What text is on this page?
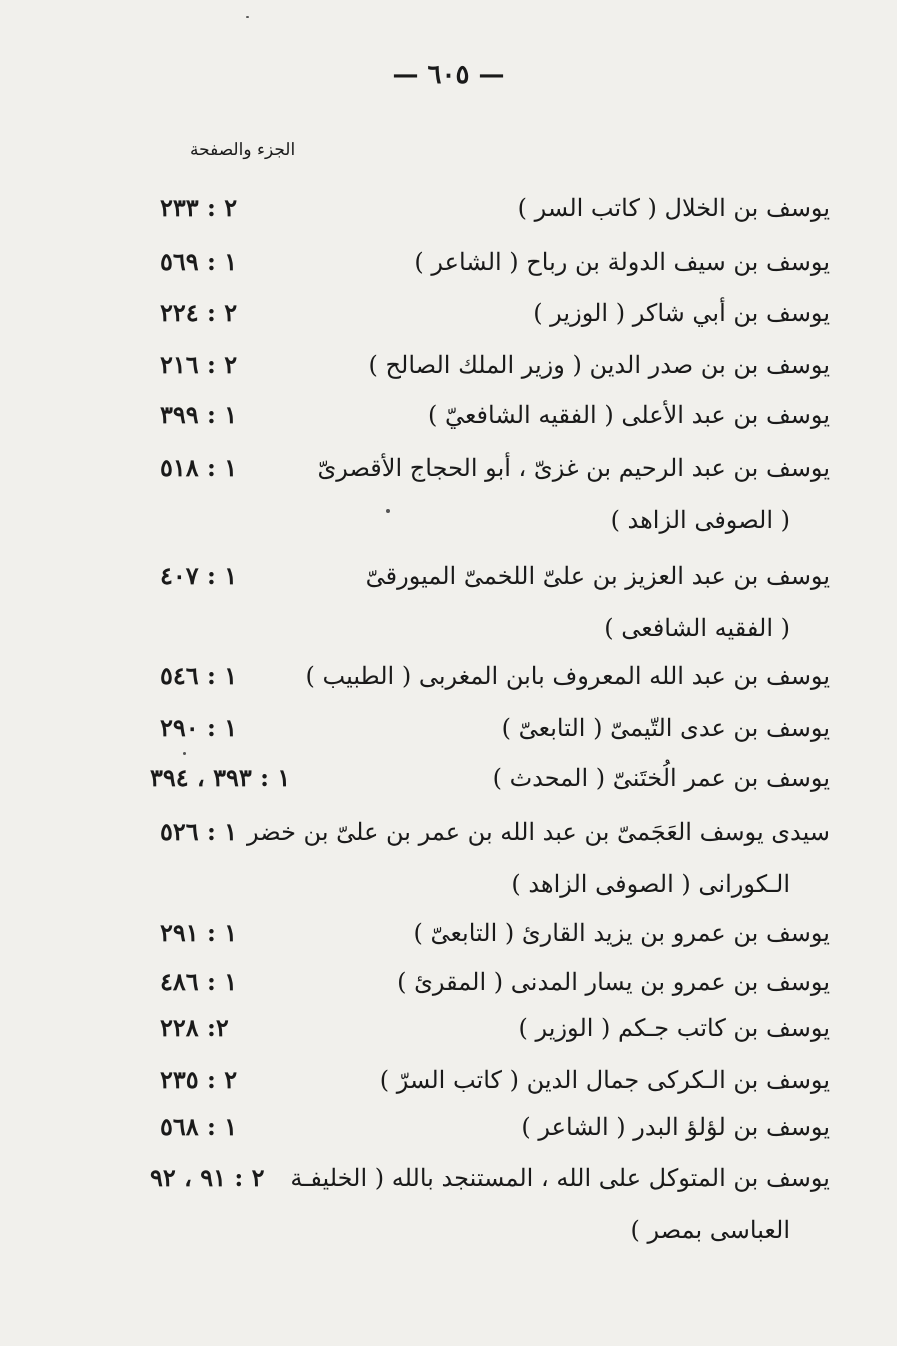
— ٦٠٥ —
الجزء والصفحة
يوسف بن الخلال ( كاتب السر )
٢ : ٢٣٣
يوسف بن سيف الدولة بن رباح ( الشاعر )
١ : ٥٦٩
يوسف بن أبي شاكر ( الوزير )
٢ : ٢٢٤
يوسف بن بن صدر الدين ( وزير الملك الصالح )
٢ : ٢١٦
يوسف بن عبد الأعلى ( الفقيه الشافعيّ )
١ : ٣٩٩
يوسف بن عبد الرحيم بن غزىّ ، أبو الحجاج الأقصرىّ
١ : ٥١٨
( الصوفى الزاهد )
يوسف بن عبد العزيز بن علىّ اللخمىّ الميورقىّ
١ : ٤٠٧
( الفقيه الشافعى )
يوسف بن عبد الله المعروف بابن المغربى ( الطبيب )
١ : ٥٤٦
يوسف بن عدى التّيمىّ ( التابعىّ )
١ : ٢٩٠
يوسف بن عمر الُختَنىّ ( المحدث )
١ : ٣٩٣ ، ٣٩٤
سيدى يوسف العَجَمىّ بن عبد الله بن عمر بن علىّ بن خضر
١ : ٥٢٦
الـكورانى ( الصوفى الزاهد )
يوسف بن عمرو بن يزيد القارئ ( التابعىّ )
١ : ٢٩١
يوسف بن عمرو بن يسار المدنى ( المقرئ )
١ : ٤٨٦
يوسف بن كاتب جـكم ( الوزير )
٢: ٢٢٨
يوسف بن الـكركى جمال الدين ( كاتب السرّ )
٢ : ٢٣٥
يوسف بن لؤلؤ البدر ( الشاعر )
١ : ٥٦٨
يوسف بن المتوكل على الله ، المستنجد بالله ( الخليفـة
٢ : ٩١ ، ٩٢
العباسى بمصر )
